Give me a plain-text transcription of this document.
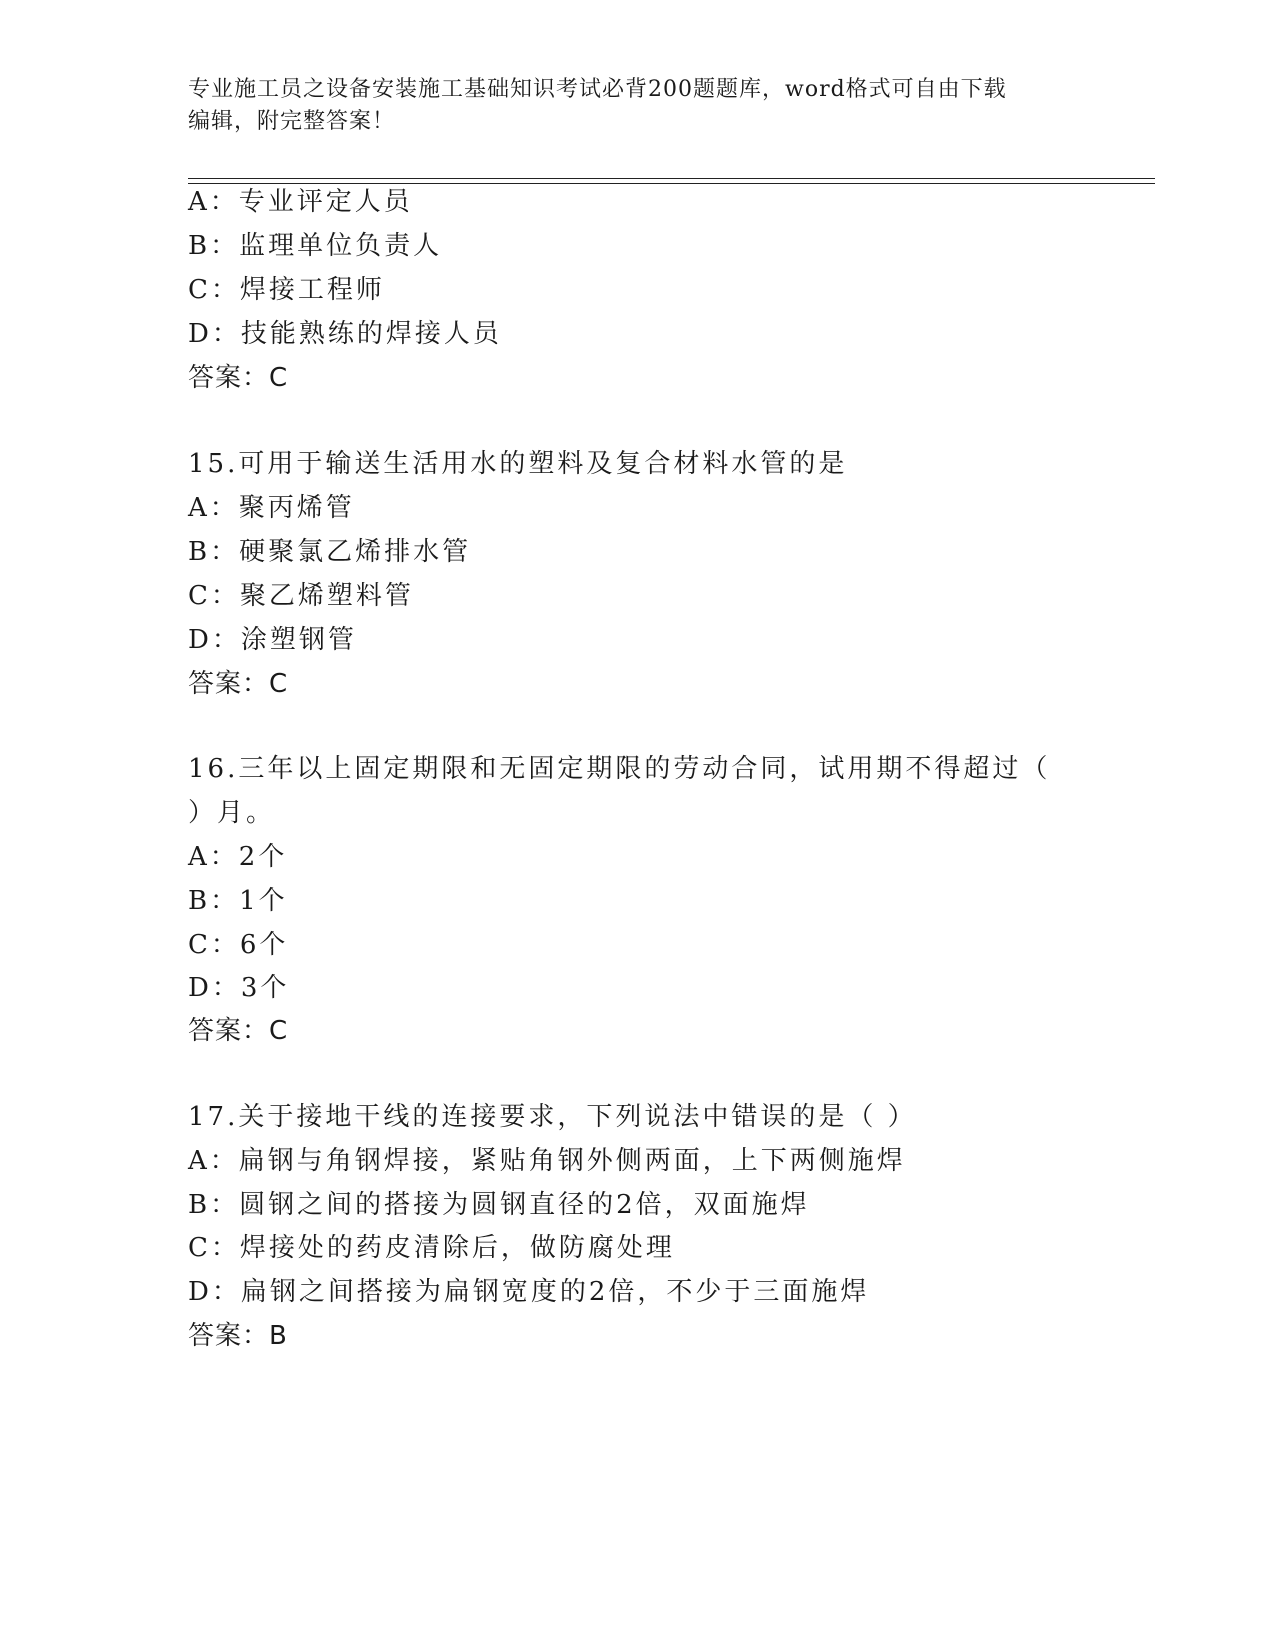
专业施工员之设备安装施工基础知识考试必背200题题库，word格式可自由下载
编辑，附完整答案！
A：专业评定人员
B：监理单位负责人
C：焊接工程师
D：技能熟练的焊接人员
答案：C
15.可用于输送生活用水的塑料及复合材料水管的是
A：聚丙烯管
B：硬聚氯乙烯排水管
C：聚乙烯塑料管
D：涂塑钢管
答案：C
16.三年以上固定期限和无固定期限的劳动合同，试用期不得超过（
）月。
A：2个
B：1个
C：6个
D：3个
答案：C
17.关于接地干线的连接要求，下列说法中错误的是（ ）
A：扁钢与角钢焊接，紧贴角钢外侧两面，上下两侧施焊
B：圆钢之间的搭接为圆钢直径的2倍，双面施焊
C：焊接处的药皮清除后，做防腐处理
D：扁钢之间搭接为扁钢宽度的2倍，不少于三面施焊
答案：B
